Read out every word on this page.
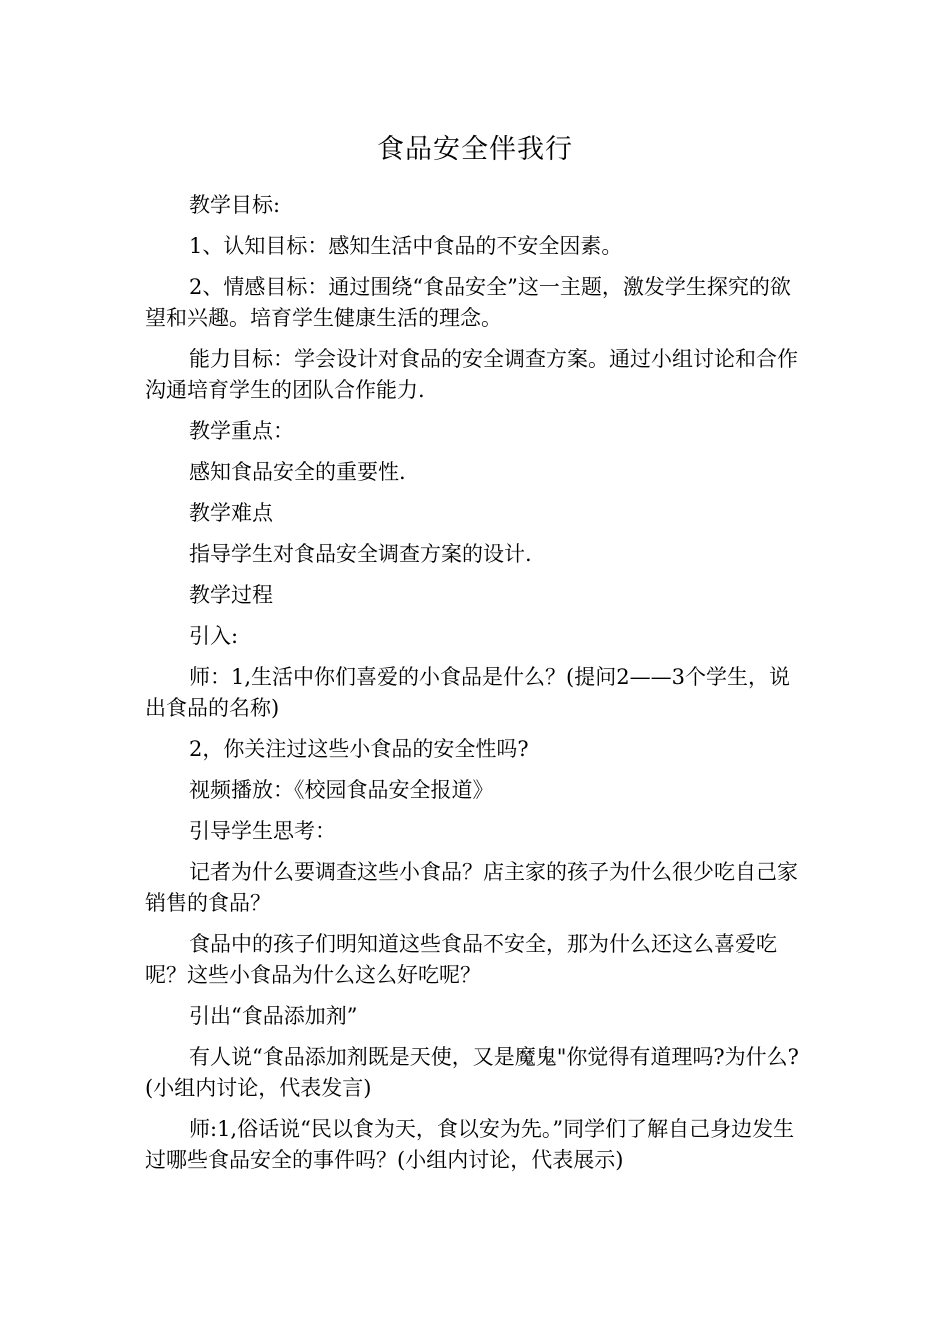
食品安全伴我行

教学目标:

1、认知目标：感知生活中食品的不安全因素。

2、情感目标：通过围绕“食品安全”这一主题，激发学生探究的欲望和兴趣。培育学生健康生活的理念。

能力目标：学会设计对食品的安全调查方案。通过小组讨论和合作沟通培育学生的团队合作能力.

教学重点：

感知食品安全的重要性.

教学难点

指导学生对食品安全调查方案的设计.

教学过程

引入:

师：1,生活中你们喜爱的小食品是什么？(提问2——3个学生，说出食品的名称)

2，你关注过这些小食品的安全性吗?

视频播放：《校园食品安全报道》

引导学生思考：

记者为什么要调查这些小食品？店主家的孩子为什么很少吃自己家销售的食品？

食品中的孩子们明知道这些食品不安全，那为什么还这么喜爱吃呢？这些小食品为什么这么好吃呢？

引出“食品添加剂”

有人说“食品添加剂既是天使，又是魔鬼"你觉得有道理吗?为什么?(小组内讨论，代表发言)

师:1,俗话说“民以食为天，食以安为先。”同学们了解自己身边发生过哪些食品安全的事件吗？(小组内讨论，代表展示)
